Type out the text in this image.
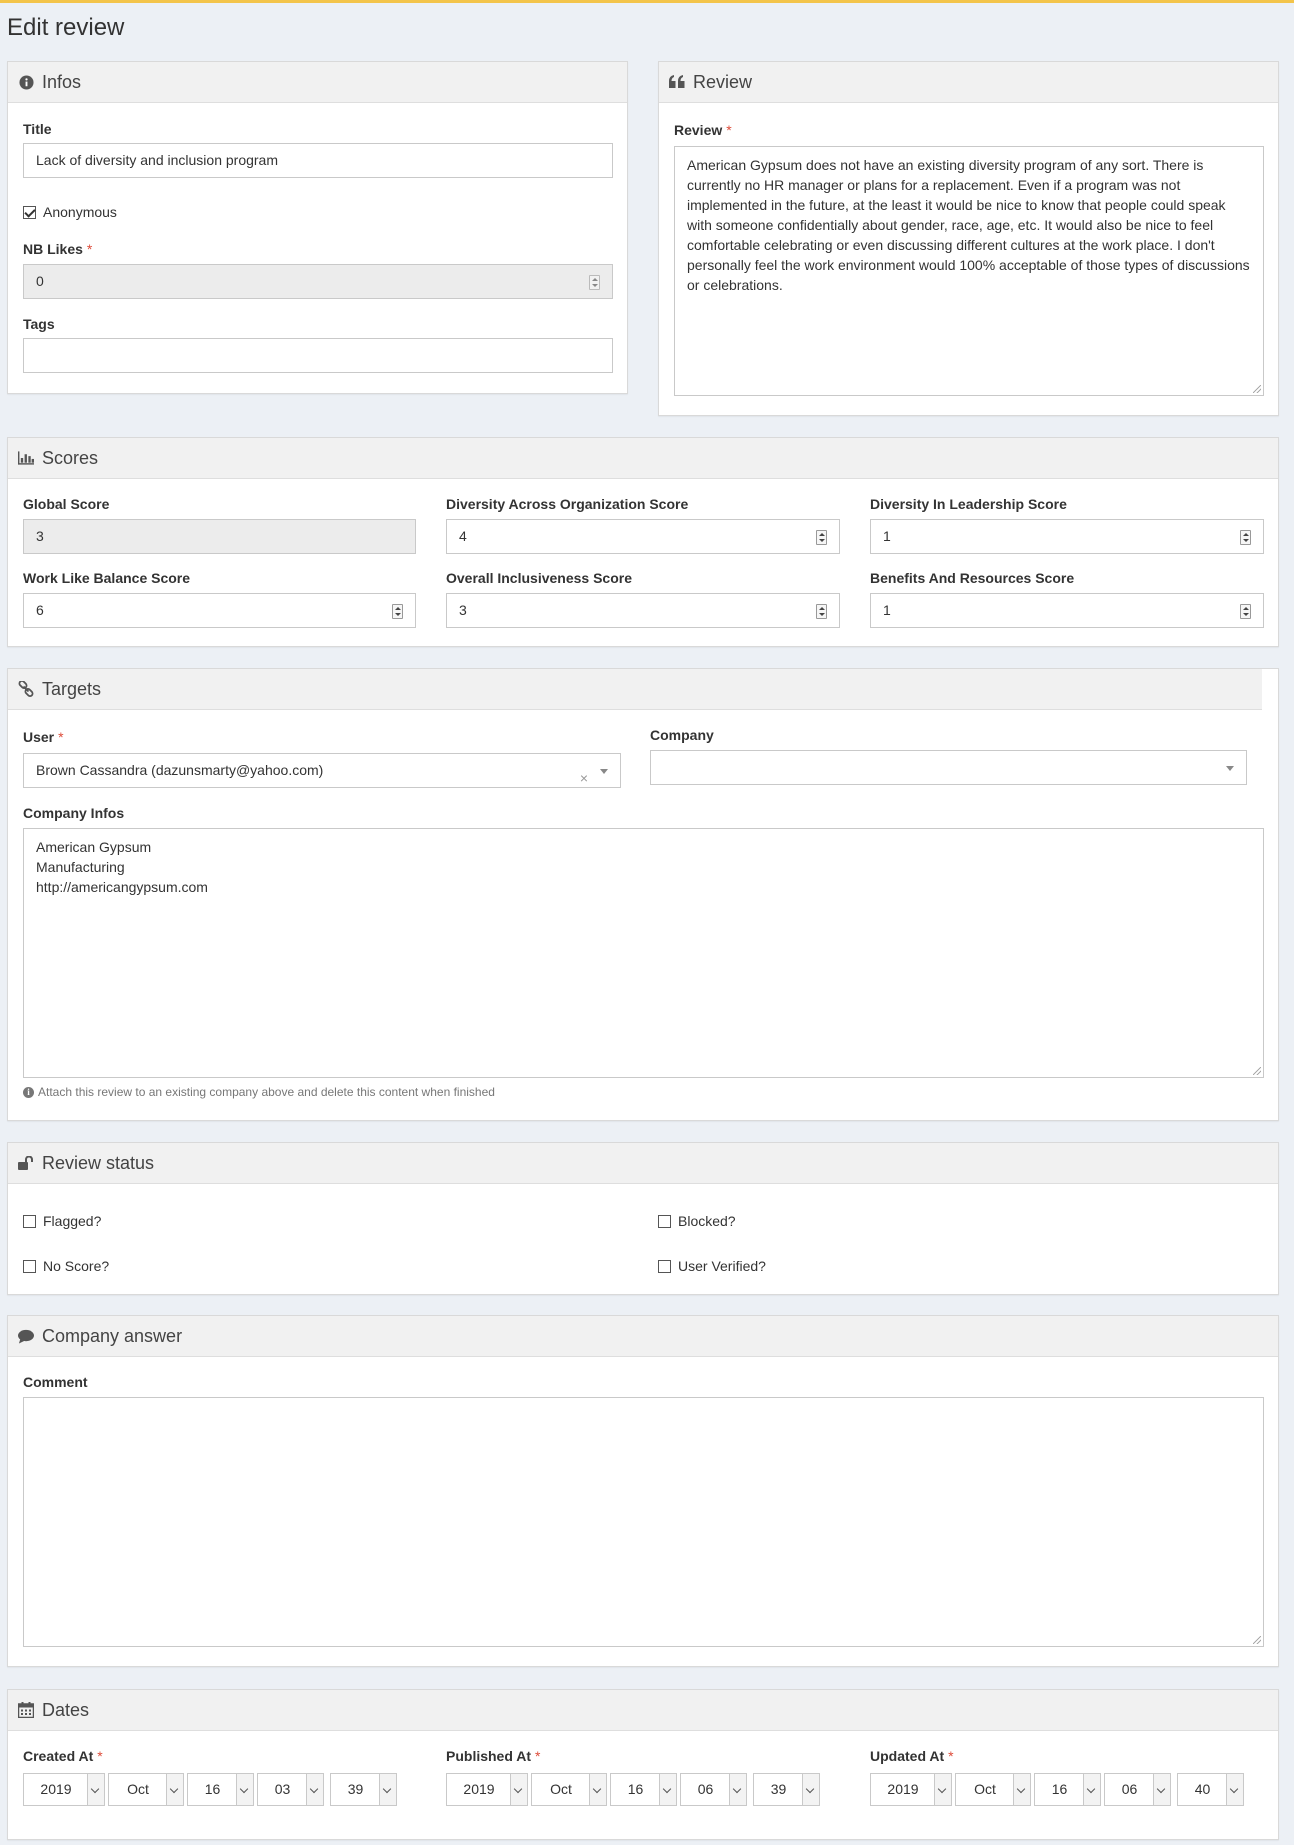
Edit review
Infos
Title
Lack of diversity and inclusion program
Anonymous
NB Likes *
0
Tags
Review
Review *
American Gypsum does not have an existing diversity program of any sort. There is currently no HR manager or plans for a replacement. Even if a program was not implemented in the future, at the least it would be nice to know that people could speak with someone confidentially about gender, race, age, etc. It would also be nice to feel comfortable celebrating or even discussing different cultures at the work place. I don't personally feel the work environment would 100% acceptable of those types of discussions or celebrations.
Scores
Global Score
3
Diversity Across Organization Score
4
Diversity In Leadership Score
1
Work Like Balance Score
6
Overall Inclusiveness Score
3
Benefits And Resources Score
1
Targets
User *
Brown Cassandra (dazunsmarty@yahoo.com)	×
Company
Company Infos
American Gypsum
Manufacturing
http://americangypsum.com
i Attach this review to an existing company above and delete this content when finished
Review status
Flagged?	Blocked?
No Score?	User Verified?
Company answer
Comment
Dates
Created At *
2019	Oct	16	03	39
Published At *
2019	Oct	16	06	39
Updated At *
2019	Oct	16	06	40
